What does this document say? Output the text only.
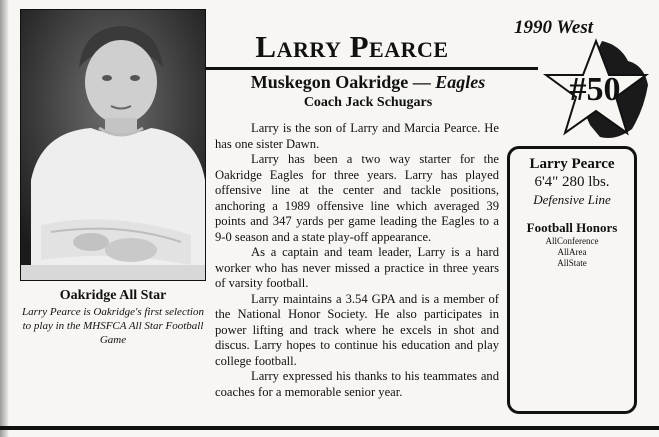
Oakridge All Star
Larry Pearce is Oakridge's first selection to play in the MHSFCA All Star Football Game
Larry Pearce
Muskegon Oakridge — Eagles
Coach Jack Schugars

Larry is the son of Larry and Marcia Pearce. He has one sister Dawn.

Larry has been a two way starter for the Oakridge Eagles for three years. Larry has played offensive line at the center and tackle positions, anchoring a 1989 offensive line which averaged 39 points and 347 yards per game leading the Eagles to a 9-0 season and a state play-off appearance.

As a captain and team leader, Larry is a hard worker who has never missed a practice in three years of varsity football.

Larry maintains a 3.54 GPA and is a member of the National Honor Society. He also participates in power lifting and track where he excels in shot and discus. Larry hopes to continue his education and play college football.

Larry expressed his thanks to his teammates and coaches for a memorable senior year.

1990 West
#50
Larry Pearce
6'4" 280 lbs.
Defensive Line
Football Honors
AllConference
AllArea
AllState
